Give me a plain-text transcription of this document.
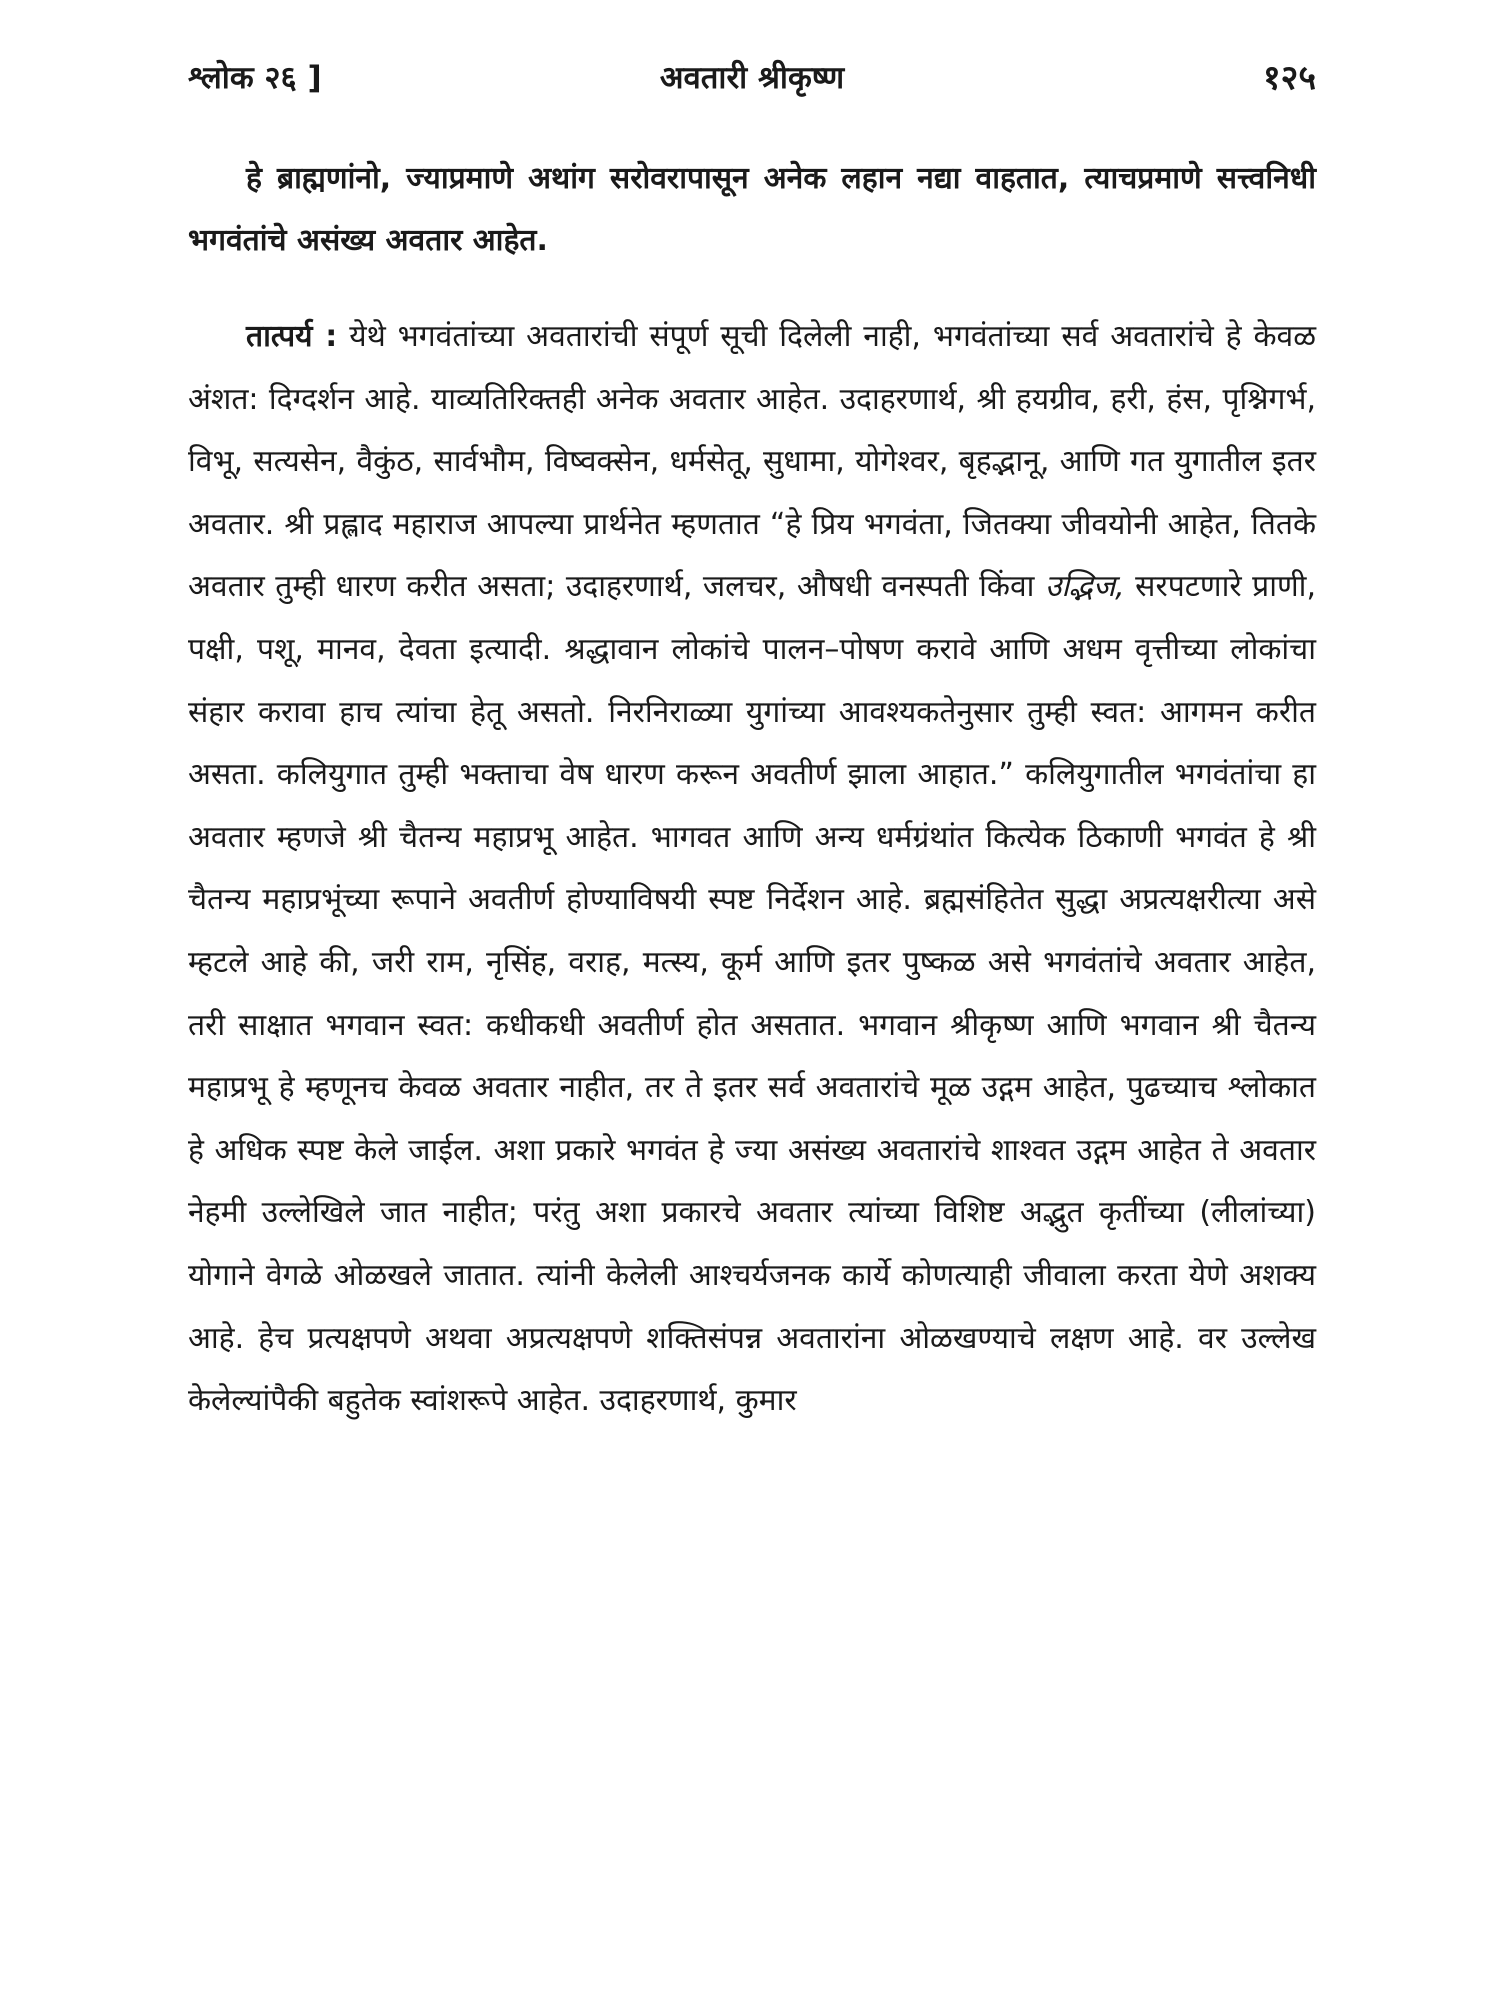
श्लोक २६ ]	अवतारी श्रीकृष्ण	१२५

हे ब्राह्मणांनो, ज्याप्रमाणे अथांग सरोवरापासून अनेक लहान नद्या वाहतात, त्याचप्रमाणे सत्त्वनिधी भगवंतांचे असंख्य अवतार आहेत.

तात्पर्य : येथे भगवंतांच्या अवतारांची संपूर्ण सूची दिलेली नाही, भगवंतांच्या सर्व अवतारांचे हे केवळ अंशत: दिग्दर्शन आहे. याव्यतिरिक्तही अनेक अवतार आहेत. उदाहरणार्थ, श्री हयग्रीव, हरी, हंस, पृश्निगर्भ, विभू, सत्यसेन, वैकुंठ, सार्वभौम, विष्वक्सेन, धर्मसेतू, सुधामा, योगेश्वर, बृहद्भानू, आणि गत युगातील इतर अवतार. श्री प्रह्लाद महाराज आपल्या प्रार्थनेत म्हणतात “हे प्रिय भगवंता, जितक्या जीवयोनी आहेत, तितके अवतार तुम्ही धारण करीत असता; उदाहरणार्थ, जलचर, औषधी वनस्पती किंवा उद्भिज, सरपटणारे प्राणी, पक्षी, पशू, मानव, देवता इत्यादी. श्रद्धावान लोकांचे पालन–पोषण करावे आणि अधम वृत्तीच्या लोकांचा संहार करावा हाच त्यांचा हेतू असतो. निरनिराळ्या युगांच्या आवश्यकतेनुसार तुम्ही स्वत: आगमन करीत असता. कलियुगात तुम्ही भक्ताचा वेष धारण करून अवतीर्ण झाला आहात.” कलियुगातील भगवंतांचा हा अवतार म्हणजे श्री चैतन्य महाप्रभू आहेत. भागवत आणि अन्य धर्मग्रंथांत कित्येक ठिकाणी भगवंत हे श्री चैतन्य महाप्रभूंच्या रूपाने अवतीर्ण होण्याविषयी स्पष्ट निर्देशन आहे. ब्रह्मसंहितेत सुद्धा अप्रत्यक्षरीत्या असे म्हटले आहे की, जरी राम, नृसिंह, वराह, मत्स्य, कूर्म आणि इतर पुष्कळ असे भगवंतांचे अवतार आहेत, तरी साक्षात भगवान स्वत: कधीकधी अवतीर्ण होत असतात. भगवान श्रीकृष्ण आणि भगवान श्री चैतन्य महाप्रभू हे म्हणूनच केवळ अवतार नाहीत, तर ते इतर सर्व अवतारांचे मूळ उद्गम आहेत, पुढच्याच श्लोकात हे अधिक स्पष्ट केले जाईल. अशा प्रकारे भगवंत हे ज्या असंख्य अवतारांचे शाश्वत उद्गम आहेत ते अवतार नेहमी उल्लेखिले जात नाहीत; परंतु अशा प्रकारचे अवतार त्यांच्या विशिष्ट अद्भुत कृतींच्या (लीलांच्या) योगाने वेगळे ओळखले जातात. त्यांनी केलेली आश्चर्यजनक कार्ये कोणत्याही जीवाला करता येणे अशक्य आहे. हेच प्रत्यक्षपणे अथवा अप्रत्यक्षपणे शक्तिसंपन्न अवतारांना ओळखण्याचे लक्षण आहे. वर उल्लेख केलेल्यांपैकी बहुतेक स्वांशरूपे आहेत. उदाहरणार्थ, कुमार
